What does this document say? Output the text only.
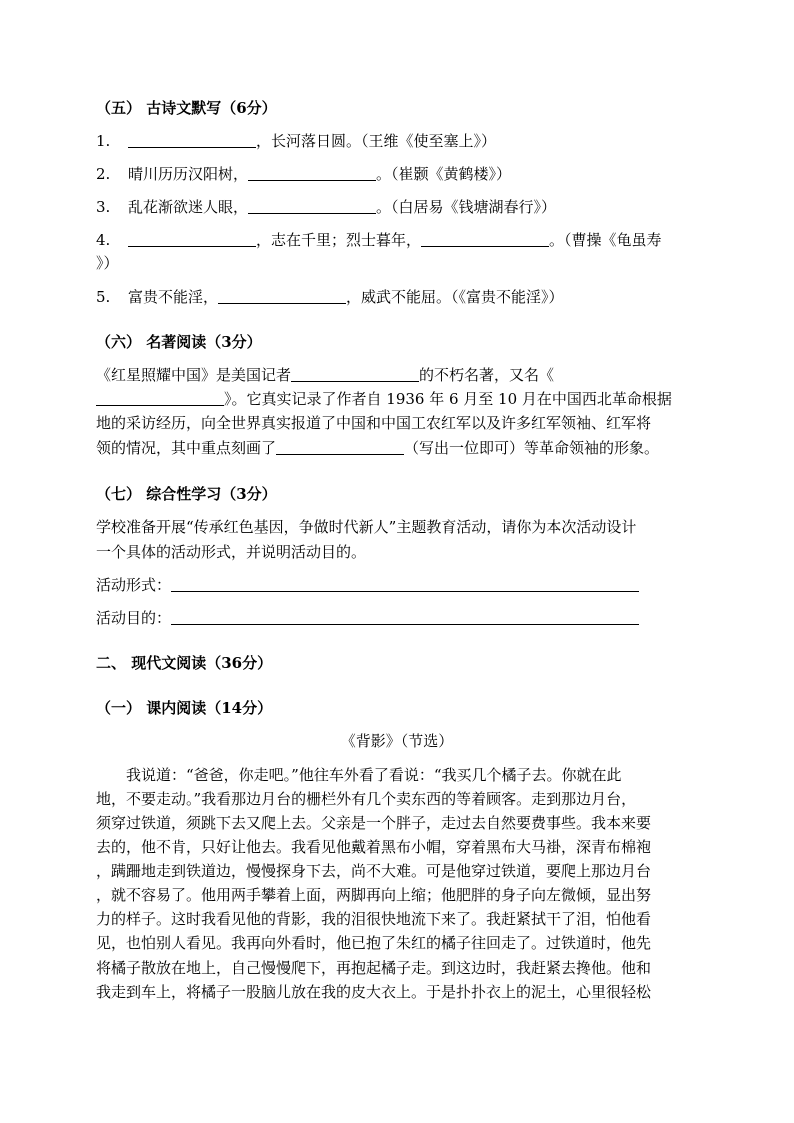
（五） 古诗文默写（6分）
1.	，长河落日圆。（王维《使至塞上》）
2. 晴川历历汉阳树，	。（崔颢《黄鹤楼》）
3. 乱花渐欲迷人眼，	。（白居易《钱塘湖春行》）
4.	，志在千里；烈士暮年，	。（曹操《龟虽寿
》）
5. 富贵不能淫，	，威武不能屈。（《富贵不能淫》）
（六） 名著阅读（3分）
《红星照耀中国》是美国记者	的不朽名著，又名《
》。它真实记录了作者自 1936 年 6 月至 10 月在中国西北革命根据
地的采访经历，向全世界真实报道了中国和中国工农红军以及许多红军领袖、红军将
领的情况，其中重点刻画了	（写出一位即可）等革命领袖的形象。
（七） 综合性学习（3分）
学校准备开展“传承红色基因，争做时代新人”主题教育活动，请你为本次活动设计
一个具体的活动形式，并说明活动目的。
活动形式：
活动目的：
二、 现代文阅读（36分）
（一） 课内阅读（14分）
《背影》（节选）
　　我说道：“爸爸，你走吧。”他往车外看了看说：“我买几个橘子去。你就在此
地，不要走动。”我看那边月台的栅栏外有几个卖东西的等着顾客。走到那边月台，
须穿过铁道，须跳下去又爬上去。父亲是一个胖子，走过去自然要费事些。我本来要
去的，他不肯，只好让他去。我看见他戴着黑布小帽，穿着黑布大马褂，深青布棉袍
，蹒跚地走到铁道边，慢慢探身下去，尚不大难。可是他穿过铁道，要爬上那边月台
，就不容易了。他用两手攀着上面，两脚再向上缩；他肥胖的身子向左微倾，显出努
力的样子。这时我看见他的背影，我的泪很快地流下来了。我赶紧拭干了泪，怕他看
见，也怕别人看见。我再向外看时，他已抱了朱红的橘子往回走了。过铁道时，他先
将橘子散放在地上，自己慢慢爬下，再抱起橘子走。到这边时，我赶紧去搀他。他和
我走到车上，将橘子一股脑儿放在我的皮大衣上。于是扑扑衣上的泥土，心里很轻松
